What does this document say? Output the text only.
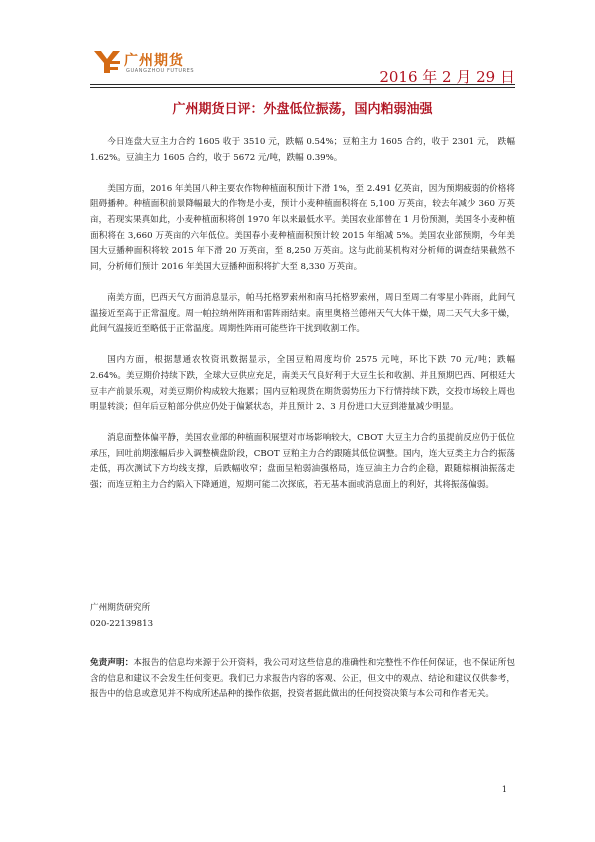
广州期货
GUANGZHOU FUTURES	2016 年 2 月 29 日
广州期货日评：外盘低位振荡，国内粕弱油强

今日连盘大豆主力合约 1605 收于 3510 元，跌幅 0.54%；豆粕主力 1605 合约，收于 2301 元， 跌幅 1.62%。豆油主力 1605 合约，收于 5672 元/吨，跌幅 0.39%。

美国方面，2016 年美国八种主要农作物种植面积预计下滑 1%，至 2.491 亿英亩，因为预期疲弱的价格将阻碍播种。种植面积前景降幅最大的作物是小麦，预计小麦种植面积将在 5,100 万英亩，较去年减少 360 万英亩，若现实果真如此，小麦种植面积将创 1970 年以来最低水平。美国农业部曾在 1 月份预测，美国冬小麦种植面积将在 3,660 万英亩的六年低位。美国春小麦种植面积预计较 2015 年缩减 5%。美国农业部预期，今年美国大豆播种面积将较 2015 年下滑 20 万英亩，至 8,250 万英亩。这与此前某机构对分析师的调查结果截然不同，分析师们预计 2016 年美国大豆播种面积将扩大至 8,330 万英亩。

南美方面，巴西天气方面消息显示，帕马托格罗索州和南马托格罗索州，周日至周二有零星小阵雨，此间气温接近至高于正常温度。周一帕拉纳州阵雨和雷阵雨结束。南里奥格兰德州天气大体干燥，周二天气大多干燥，此间气温接近至略低于正常温度。周期性阵雨可能些许干扰到收割工作。

国内方面，根据慧通农牧资讯数据显示，全国豆粕周度均价 2575 元吨，环比下跌 70 元/吨；跌幅 2.64%。美豆期价持续下跌，全球大豆供应充足，南美天气良好利于大豆生长和收割、并且预期巴西、阿根廷大豆丰产前景乐观，对美豆期价构成较大拖累；国内豆粕现货在期货弱势压力下行情持续下跌，交投市场较上周也明显转淡；但年后豆粕部分供应仍处于偏紧状态，并且预计 2、3 月份进口大豆到港量减少明显。

消息面整体偏平静，美国农业部的种植面积展望对市场影响较大，CBOT 大豆主力合约虽提前反应仍于低位承压，回吐前期涨幅后步入调整横盘阶段，CBOT 豆粕主力合约跟随其低位调整。国内，连大豆类主力合约振荡走低，再次测试下方均线支撑，后跌幅收窄；盘面呈粕弱油强格局，连豆油主力合约企稳，跟随棕榈油振荡走强；而连豆粕主力合约陷入下降通道，短期可能二次探底，若无基本面或消息面上的利好，其将振荡偏弱。

广州期货研究所
020-22139813
免责声明：本报告的信息均来源于公开资料，我公司对这些信息的准确性和完整性不作任何保证，也不保证所包含的信息和建议不会发生任何变更。我们已力求报告内容的客观、公正，但文中的观点、结论和建议仅供参考，报告中的信息或意见并不构成所述品种的操作依据，投资者据此做出的任何投资决策与本公司和作者无关。
1
